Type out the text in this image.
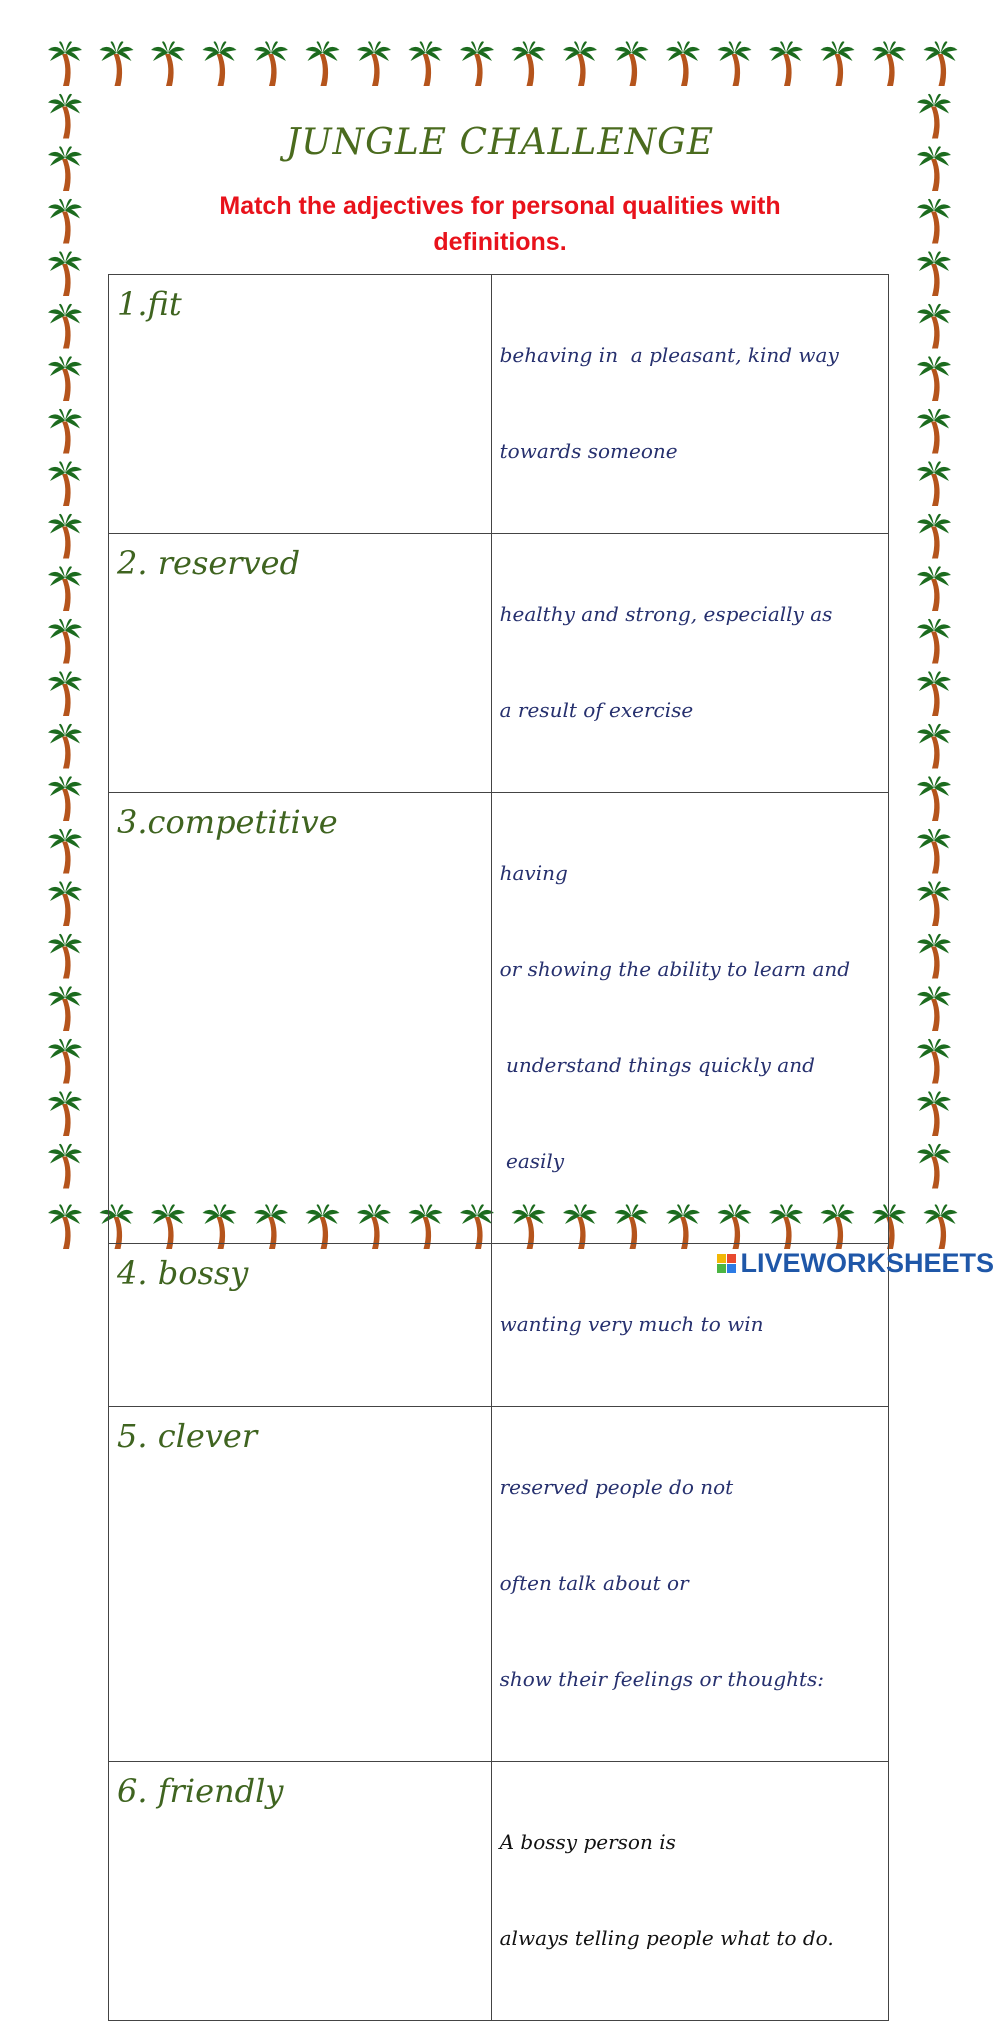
JUNGLE CHALLENGE
Match the adjectives for personal qualities with definitions.
1.fit	behaving in  a pleasant, kind way

towards someone

2. reserved	healthy and strong, especially as

a result of exercise

3.competitive	having

or showing the ability to learn and

understand things quickly and

easily

4. bossy	wanting very much to win

5. clever	reserved people do not

often talk about or

show their feelings or thoughts:

6. friendly	A bossy person is

always telling people what to do.

LIVEWORKSHEETS
